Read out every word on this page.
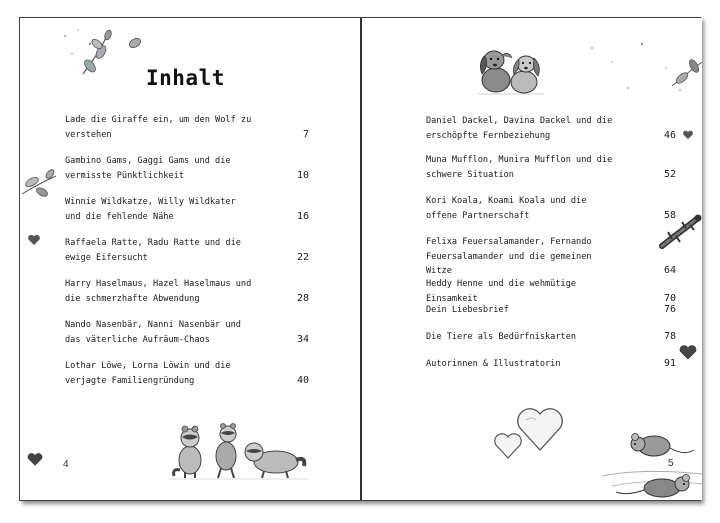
Inhalt
Lade die Giraffe ein, um den Wolf zu verstehen	7
Gambino Gams, Gaggi Gams und die vermisste Pünktlichkeit	10
Winnie Wildkatze, Willy Wildkater und die fehlende Nähe	16
Raffaela Ratte, Radu Ratte und die ewige Eifersucht	22
Harry Haselmaus, Hazel Haselmaus und die schmerzhafte Abwendung	28
Nando Nasenbär, Nanni Nasenbär und das väterliche Aufräum-Chaos	34
Lothar Löwe, Lorna Löwin und die verjagte Familiengründung	40
4
Daniel Dackel, Davina Dackel und die erschöpfte Fernbeziehung	46
Muna Mufflon, Munira Mufflon und die schwere Situation	52
Kori Koala, Koami Koala und die offene Partnerschaft	58
Felixa Feuersalamander, Fernando Feuersalamander und die gemeinen Witze	64
Heddy Henne und die wehmütige Einsamkeit	70
Dein Liebesbrief	76
Die Tiere als Bedürfniskarten	78
Autorinnen & Illustratorin	91
5
